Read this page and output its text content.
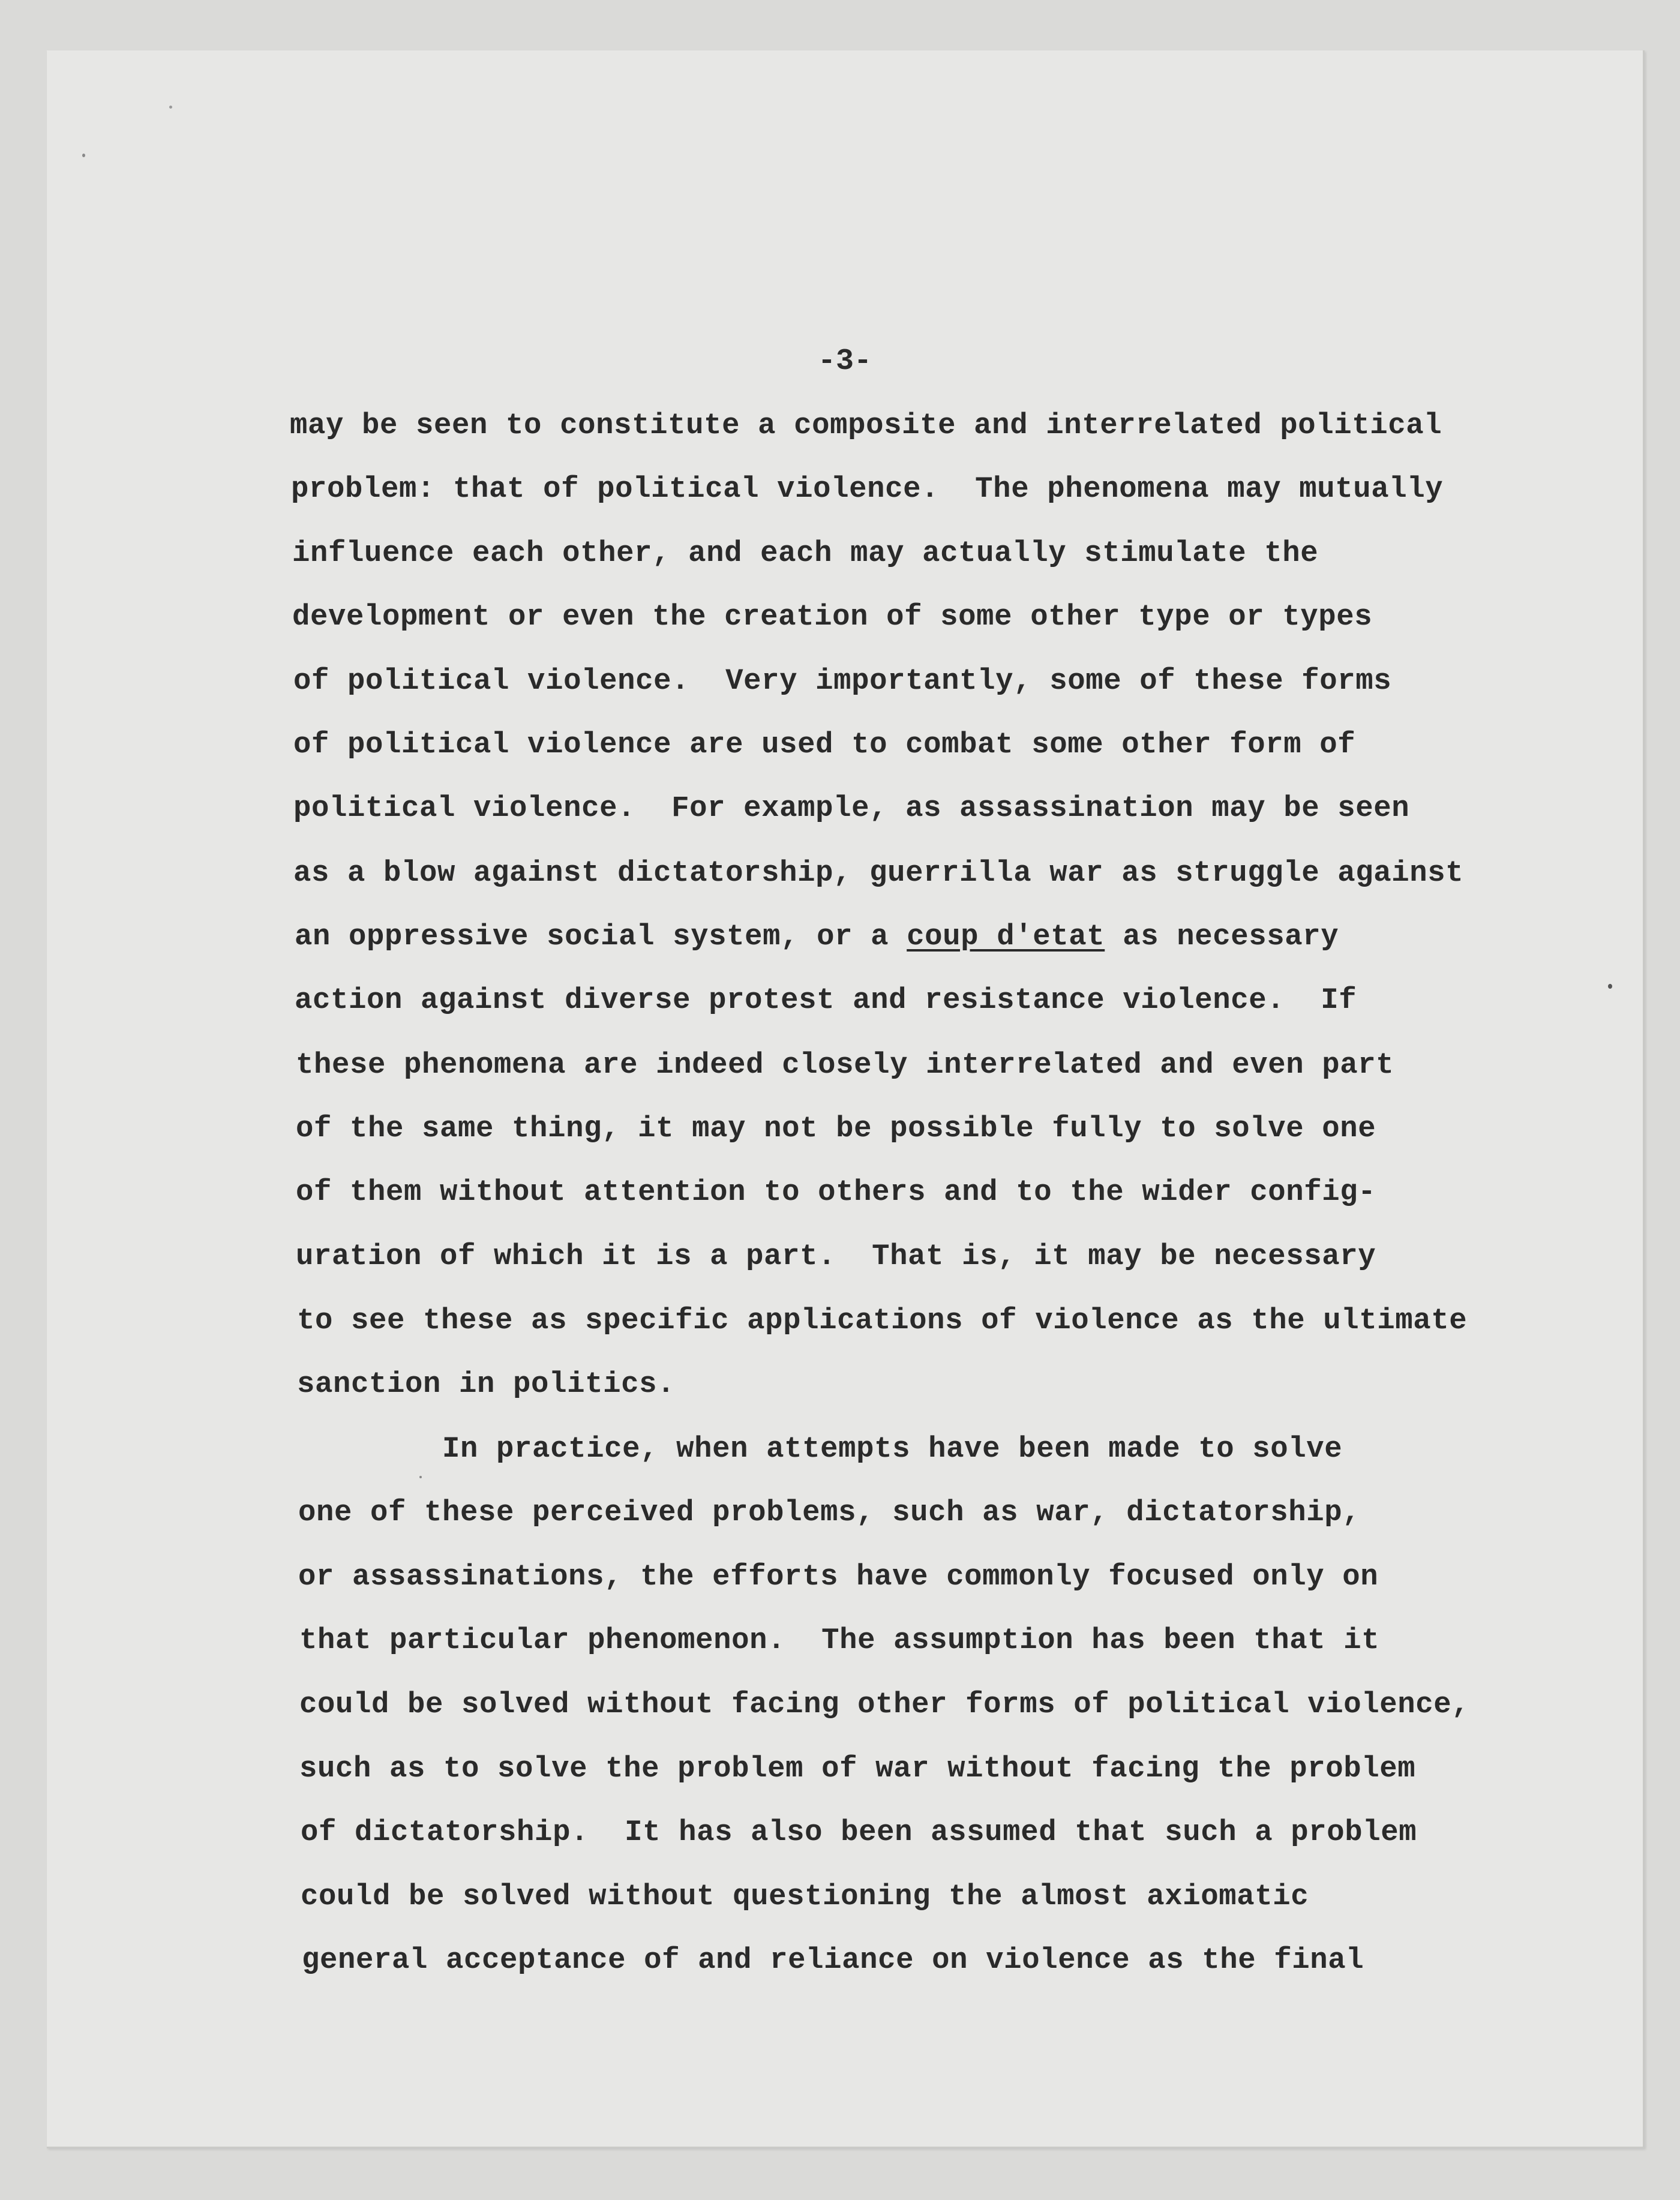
-3-
may be seen to constitute a composite and interrelated political
problem: that of political violence.  The phenomena may mutually
influence each other, and each may actually stimulate the
development or even the creation of some other type or types
of political violence.  Very importantly, some of these forms
of political violence are used to combat some other form of
political violence.  For example, as assassination may be seen
as a blow against dictatorship, guerrilla war as struggle against
an oppressive social system, or a coup d'etat as necessary
action against diverse protest and resistance violence.  If
these phenomena are indeed closely interrelated and even part
of the same thing, it may not be possible fully to solve one
of them without attention to others and to the wider config-
uration of which it is a part.  That is, it may be necessary
to see these as specific applications of violence as the ultimate
sanction in politics.
In practice, when attempts have been made to solve
one of these perceived problems, such as war, dictatorship,
or assassinations, the efforts have commonly focused only on
that particular phenomenon.  The assumption has been that it
could be solved without facing other forms of political violence,
such as to solve the problem of war without facing the problem
of dictatorship.  It has also been assumed that such a problem
could be solved without questioning the almost axiomatic
general acceptance of and reliance on violence as the final
